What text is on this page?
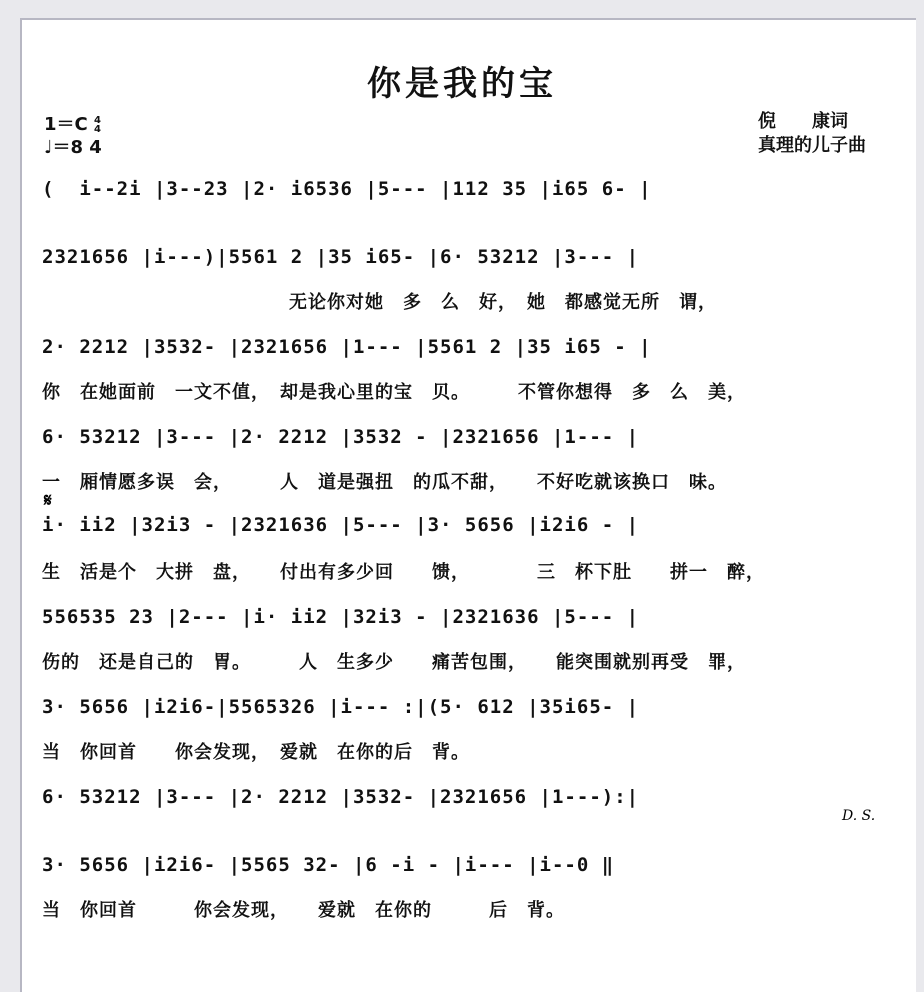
你是我的宝
1＝C 4
4
♩＝8 4
倪　　康词
真理的儿子曲
𝄋
D. S.
(  i--2i |3--23 |2· i6536 |5--- |112 35 |i65 6- |
2321656 |i---)|5561 2 |35 i65- |6· 53212 |3--- |
　　　　　　　　　　　　　无论你对她　多　么　好，　她　都感觉无所　谓，
2· 2212 |3532- |2321656 |1--- |5561 2 |35 i65 - |
你　在她面前　一文不值，　却是我心里的宝　贝。　　　不管你想得　多　么　美，
6· 53212 |3--- |2· 2212 |3532 - |2321656 |1--- |
一　厢情愿多误　会，　　　人　道是强扭　的瓜不甜，　　不好吃就该换口　味。
i· ii2 |32i3 - |2321636 |5--- |3· 5656 |i2i6 - |
生　活是个　大拼　盘，　　付出有多少回　　馈，　　　　三　杯下肚　　拼一　醉，
556535 23 |2--- |i· ii2 |32i3 - |2321636 |5--- |
伤的　还是自己的　胃。　　　人　生多少　　痛苦包围，　　能突围就别再受　罪，
3· 5656 |i2i6-|5565326 |i--- :|(5· 612 |35i65- |
当　你回首　　你会发现，　爱就　在你的后　背。
6· 53212 |3--- |2· 2212 |3532- |2321656 |1---):|
3· 5656 |i2i6- |5565 32- |6 -i - |i--- |i--0 ‖
当　你回首　　　你会发现，　　爱就　在你的　　　后　背。
